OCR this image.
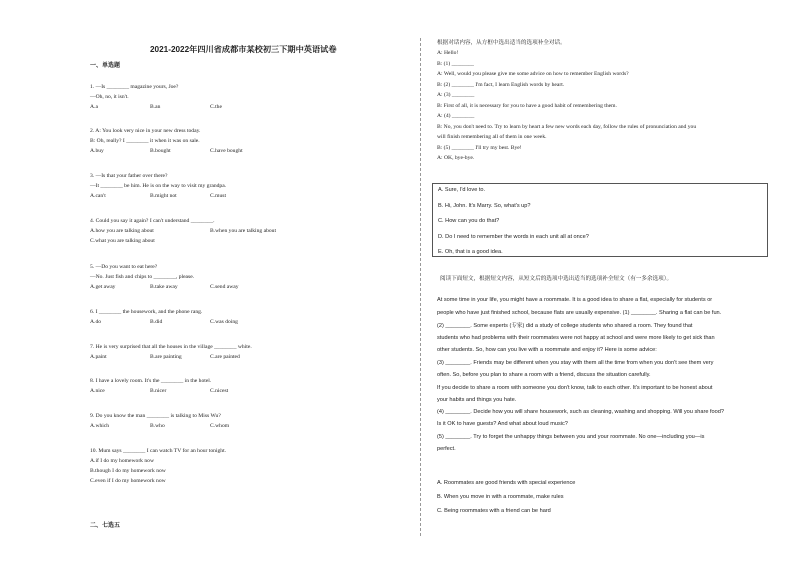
2021-2022年四川省成都市某校初三下期中英语试卷
一、单选题
1. —Is ________ magazine yours, Joe?
—Oh, no, it isn't.
A.a	B.an	C.the
2. A: You look very nice in your new dress today.
B: Oh, really? I ________ it when it was on sale.
A.buy	B.bought	C.have bought
3. —Is that your father over there?
—It ________ be him. He is on the way to visit my grandpa.
A.can't	B.might not	C.must
4. Could you say it again? I can't understand ________.
A.how you are talking about	B.when you are talking about
C.what you are talking about
5. —Do you want to eat here?
—No. Just fish and chips to ________, please.
A.get away	B.take away	C.send away
6. I ________ the housework, and the phone rang.
A.do	B.did	C.was doing
7. He is very surprised that all the houses in the village ________ white.
A.paint	B.are painting	C.are painted
8. I have a lovely room. It's the ________ in the hotel.
A.nice	B.nicer	C.nicest
9. Do you know the man ________ is talking to Miss Wu?
A.which	B.who	C.whom
10. Mum says ________ I can watch TV for an hour tonight.
A.if I do my homework now
B.though I do my homework now
C.even if I do my homework now
二、七选五
根据对话内容，从方框中选出适当的选项补全对话。
A: Hello!
B: (1) ________
A: Well, would you please give me some advice on how to remember English words?
B: (2) ________ I'm fact, I learn English words by heart.
A: (3) ________
B: First of all, it is necessary for you to have a good habit of remembering them.
A: (4) ________
B: No, you don't need to. Try to learn by heart a few new words each day, follow the rules of pronunciation and you
will finish remembering all of them in one week.
B: (5) ________ I'll try my best. Bye!
A: OK, bye-bye.
A. Sure, I'd love to.
B. Hi, John. It's Marry. So, what's up?
C. How can you do that?
D. Do I need to remember the words in each unit all at once?
E. Oh, that is a good idea.
阅读下面短文，根据短文内容，从短文后的选项中选出适当的选项补全短文（有一多余选项）。
At some time in your life, you might have a roommate. It is a good idea to share a flat, especially for students or
people who have just finished school, because flats are usually expensive. (1) ________. Sharing a flat can be fun.
(2) ________. Some experts (专家) did a study of college students who shared a room. They found that
students who had problems with their roommates were not happy at school and were more likely to get sick than
other students. So, how can you live with a roommate and enjoy it? Here is some advice:
(3) ________. Friends may be different when you stay with them all the time from when you don't see them very
often. So, before you plan to share a room with a friend, discuss the situation carefully.
If you decide to share a room with someone you don't know, talk to each other. It's important to be honest about
your habits and things you hate.
(4) ________. Decide how you will share housework, such as cleaning, washing and shopping. Will you share food?
Is it OK to have guests? And what about loud music?
(5) ________. Try to forget the unhappy things between you and your roommate. No one—including you—is
perfect.
A. Roommates are good friends with special experience
B. When you move in with a roommate, make rules
C. Being roommates with a friend can be hard
